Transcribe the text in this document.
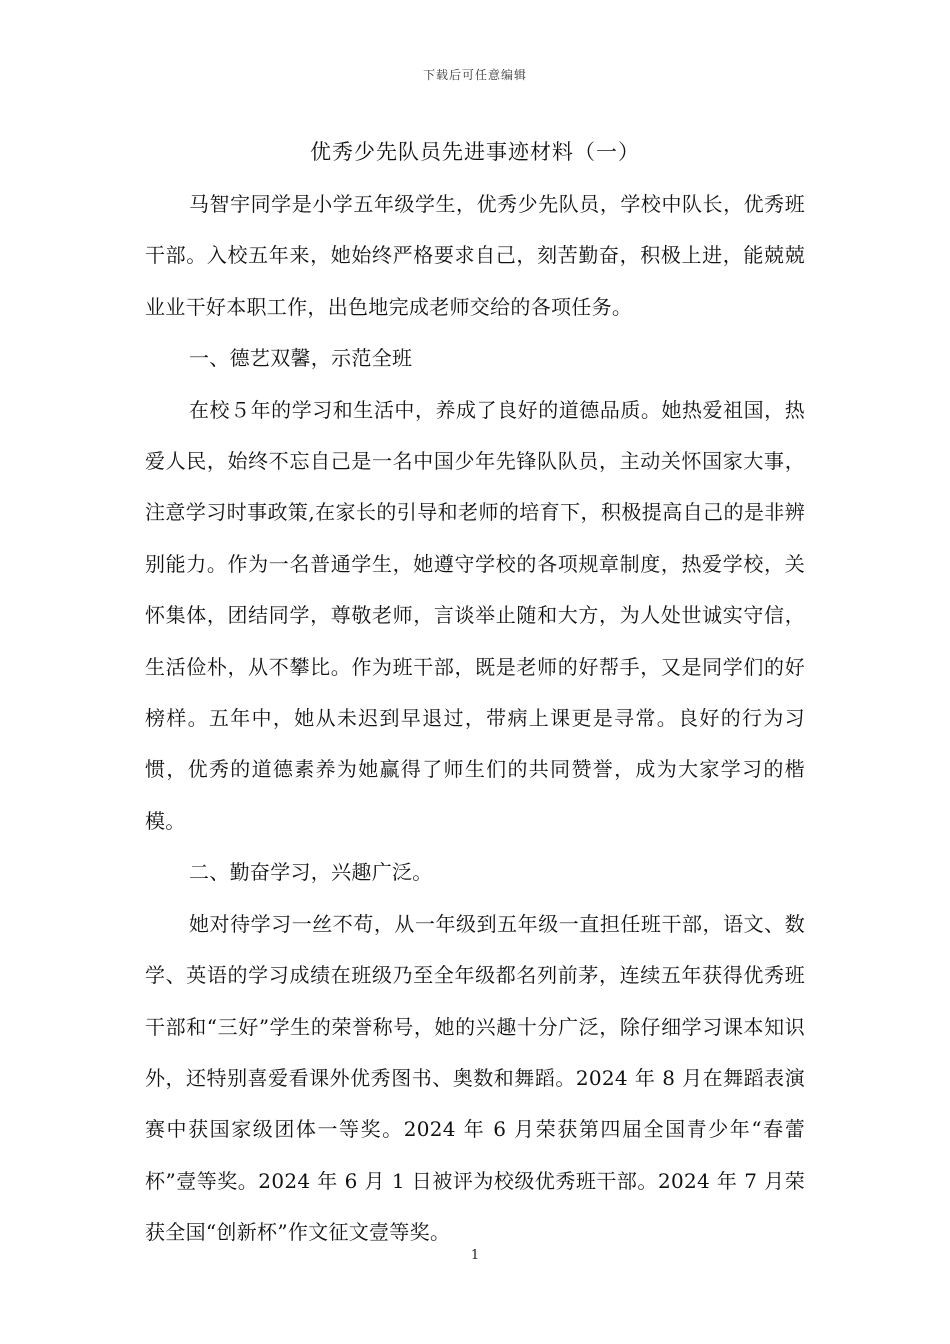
下载后可任意编辑
优秀少先队员先进事迹材料（一）

马智宇同学是小学五年级学生，优秀少先队员，学校中队长，优秀班干部。入校五年来，她始终严格要求自己，刻苦勤奋，积极上进，能兢兢业业干好本职工作，出色地完成老师交给的各项任务。

一、德艺双馨，示范全班

在校５年的学习和生活中，养成了良好的道德品质。她热爱祖国，热爱人民，始终不忘自己是一名中国少年先锋队队员，主动关怀国家大事，注意学习时事政策,在家长的引导和老师的培育下，积极提高自己的是非辨别能力。作为一名普通学生，她遵守学校的各项规章制度，热爱学校，关怀集体，团结同学，尊敬老师，言谈举止随和大方，为人处世诚实守信，生活俭朴，从不攀比。作为班干部，既是老师的好帮手，又是同学们的好榜样。五年中，她从未迟到早退过，带病上课更是寻常。良好的行为习惯，优秀的道德素养为她赢得了师生们的共同赞誉，成为大家学习的楷模。

二、勤奋学习，兴趣广泛。

她对待学习一丝不苟，从一年级到五年级一直担任班干部，语文、数学、英语的学习成绩在班级乃至全年级都名列前茅，连续五年获得优秀班干部和“三好”学生的荣誉称号，她的兴趣十分广泛，除仔细学习课本知识外，还特别喜爱看课外优秀图书、奥数和舞蹈。2024 年 8 月在舞蹈表演赛中获国家级团体一等奖。2024 年 6 月荣获第四届全国青少年“春蕾杯”壹等奖。2024 年 6 月 1 日被评为校级优秀班干部。2024 年 7 月荣获全国“创新杯”作文征文壹等奖。

1
